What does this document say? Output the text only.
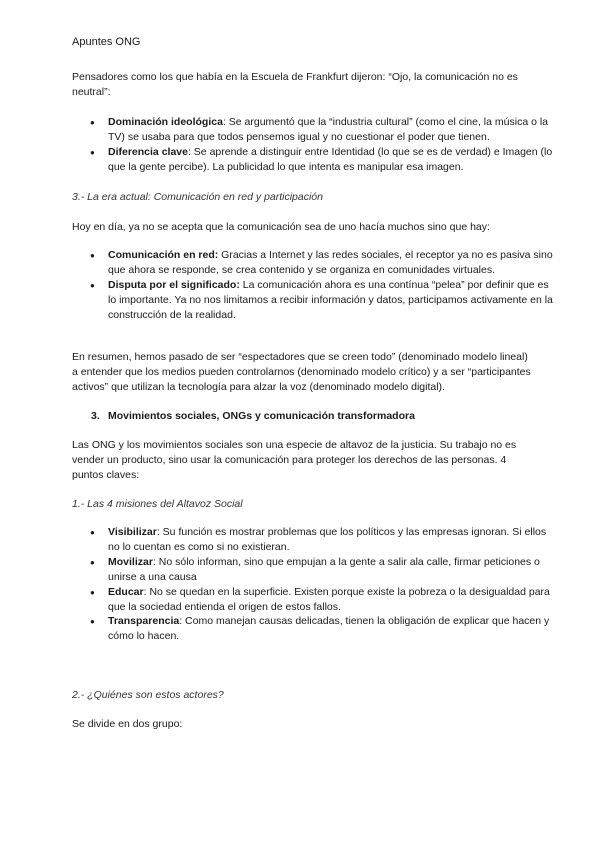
Apuntes ONG
Pensadores como los que había en la Escuela de Frankfurt dijeron: “Ojo, la comunicación no es neutral”:
● Dominación ideológica: Se argumentó que la “industria cultural” (como el cine, la música o la TV) se usaba para que todos pensemos igual y no cuestionar el poder que tienen.
● Diferencia clave: Se aprende a distinguir entre Identidad (lo que se es de verdad) e Imagen (lo que la gente percibe). La publicidad lo que intenta es manipular esa imagen.
3.- La era actual: Comunicación en red y participación
Hoy en día, ya no se acepta que la comunicación sea de uno hacía muchos sino que hay:
● Comunicación en red: Gracias a Internet y las redes sociales, el receptor ya no es pasiva sino que ahora se responde, se crea contenido y se organiza en comunidades virtuales.
● Disputa por el significado: La comunicación ahora es una contínua “pelea” por definir que es lo importante. Ya no nos limitamos a recibir información y datos, participamos activamente en la construcción de la realidad.
En resumen, hemos pasado de ser “espectadores que se creen todo” (denominado modelo lineal) a entender que los medios pueden controlarnos (denominado modelo crítico) y a ser “participantes activos” que utilizan la tecnología para alzar la voz (denominado modelo digital).
3. Movimientos sociales, ONGs y comunicación transformadora
Las ONG y los movimientos sociales son una especie de altavoz de la justicia. Su trabajo no es vender un producto, sino usar la comunicación para proteger los derechos de las personas. 4 puntos claves:
1.- Las 4 misiones del Altavoz Social
● Visibilizar: Su función es mostrar problemas que los políticos y las empresas ignoran. Si ellos no lo cuentan es como si no existieran.
● Movilizar: No sólo informan, sino que empujan a la gente a salir ala calle, firmar peticiones o unirse a una causa
● Educar: No se quedan en la superficie. Existen porque existe la pobreza o la desigualdad para que la sociedad entienda el origen de estos fallos.
● Transparencia: Como manejan causas delicadas, tienen la obligación de explicar que hacen y cómo lo hacen.
2.- ¿Quiénes son estos actores?
Se divide en dos grupo:
